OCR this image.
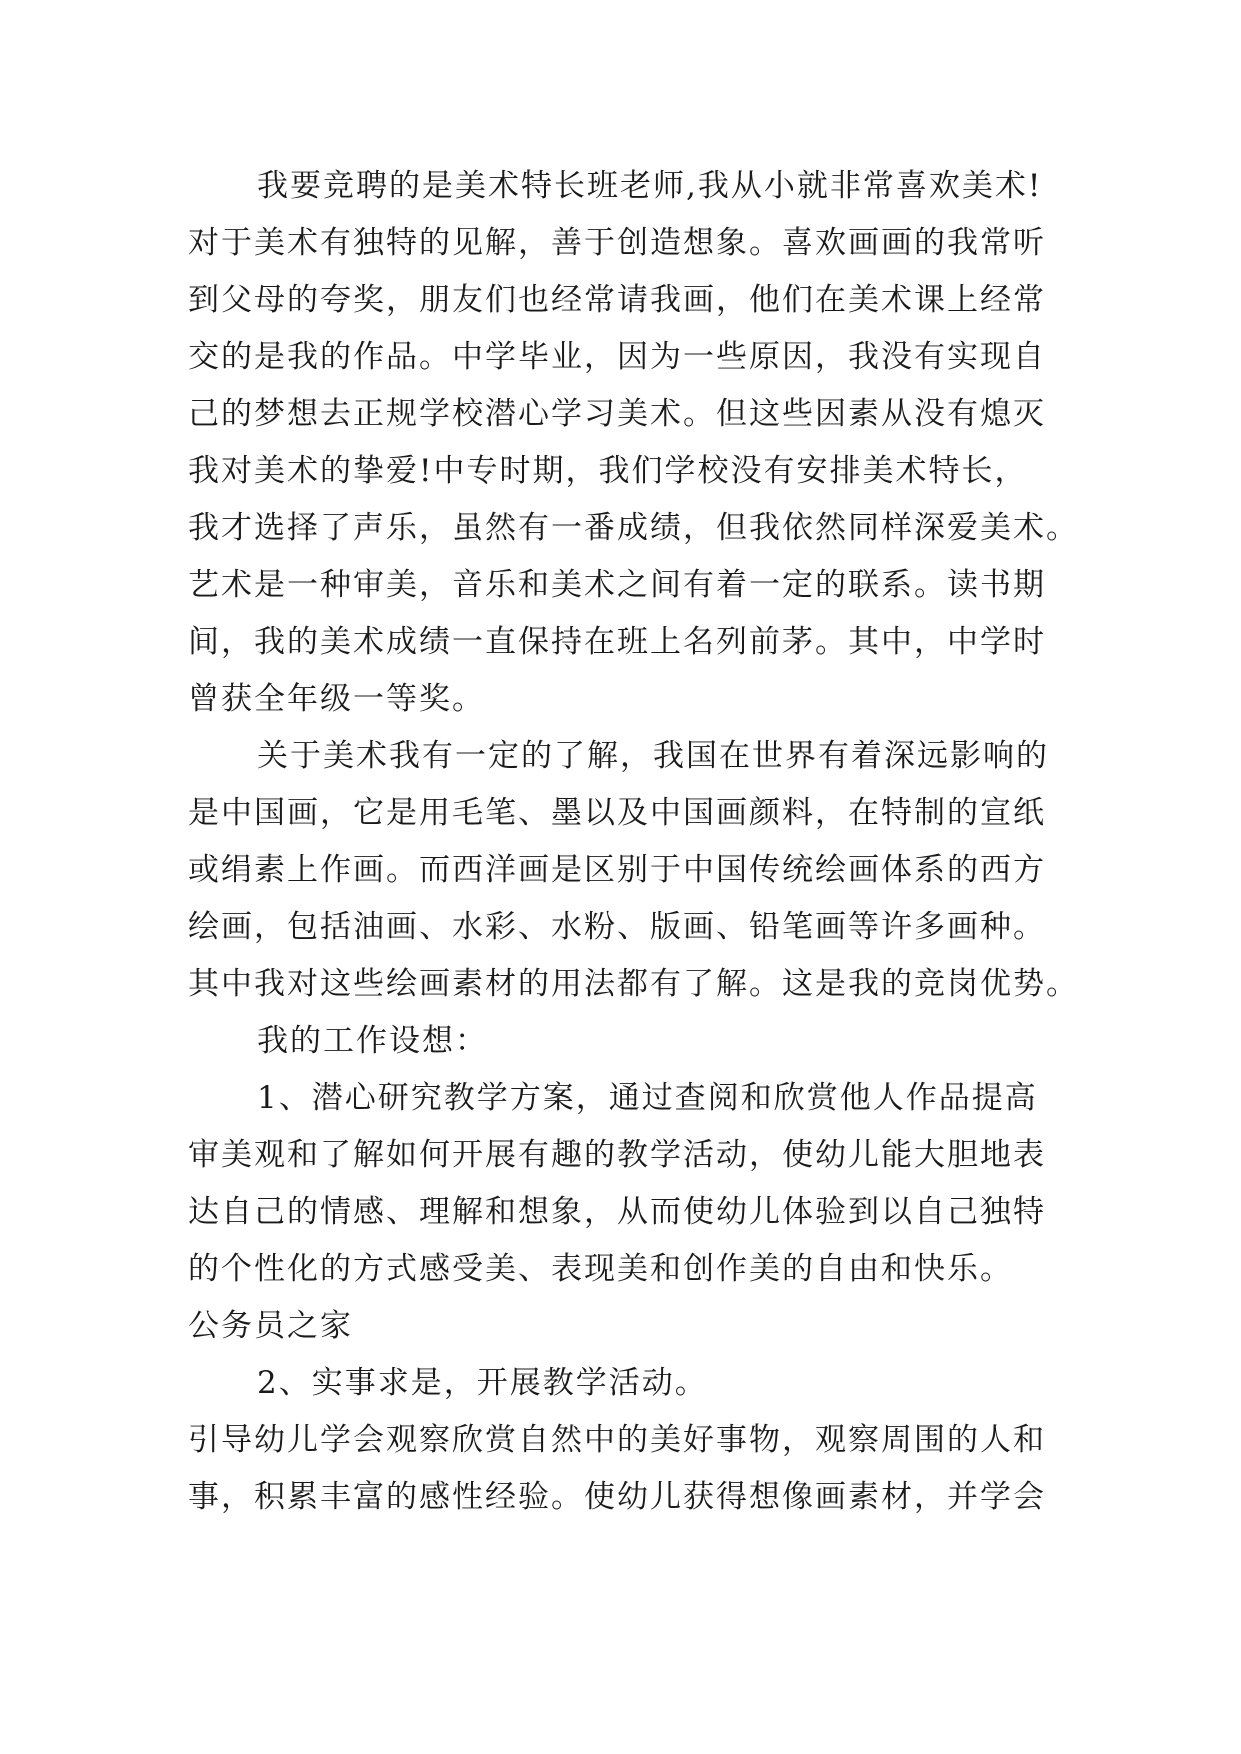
我要竞聘的是美术特长班老师,我从小就非常喜欢美术!
对于美术有独特的见解，善于创造想象。喜欢画画的我常听
到父母的夸奖，朋友们也经常请我画，他们在美术课上经常
交的是我的作品。中学毕业，因为一些原因，我没有实现自
己的梦想去正规学校潜心学习美术。但这些因素从没有熄灭
我对美术的挚爱!中专时期，我们学校没有安排美术特长，
我才选择了声乐，虽然有一番成绩，但我依然同样深爱美术。
艺术是一种审美，音乐和美术之间有着一定的联系。读书期
间，我的美术成绩一直保持在班上名列前茅。其中，中学时
曾获全年级一等奖。
关于美术我有一定的了解，我国在世界有着深远影响的
是中国画，它是用毛笔、墨以及中国画颜料，在特制的宣纸
或绢素上作画。而西洋画是区别于中国传统绘画体系的西方
绘画，包括油画、水彩、水粉、版画、铅笔画等许多画种。
其中我对这些绘画素材的用法都有了解。这是我的竞岗优势。
我的工作设想：
1、潜心研究教学方案，通过查阅和欣赏他人作品提高
审美观和了解如何开展有趣的教学活动，使幼儿能大胆地表
达自己的情感、理解和想象，从而使幼儿体验到以自己独特
的个性化的方式感受美、表现美和创作美的自由和快乐。
公务员之家
2、实事求是，开展教学活动。
引导幼儿学会观察欣赏自然中的美好事物，观察周围的人和
事，积累丰富的感性经验。使幼儿获得想像画素材，并学会
